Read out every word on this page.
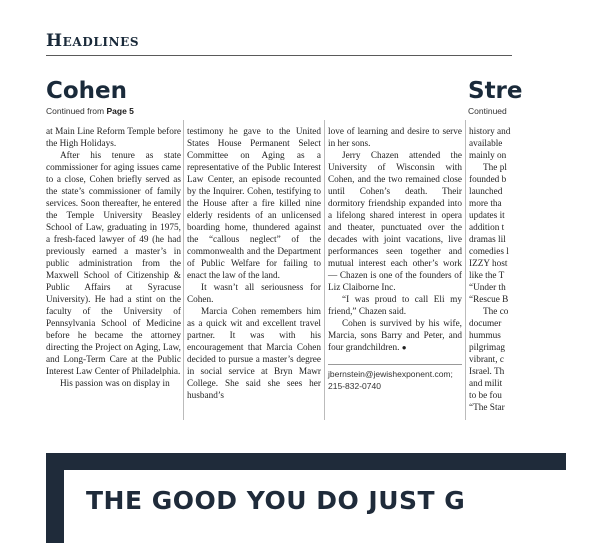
Headlines
Cohen
Continued from Page 5
Stre
Continued

at Main Line Reform Temple before the High Holidays.

After his tenure as state commissioner for aging issues came to a close, Cohen briefly served as the state’s commissioner of family services. Soon thereafter, he entered the Temple University Beasley School of Law, graduating in 1975, a fresh-faced lawyer of 49 (he had previously earned a master’s in public administration from the Maxwell School of Citizenship & Public Affairs at Syracuse University). He had a stint on the faculty of the University of Pennsylvania School of Medicine before he became the attorney directing the Project on Aging, Law, and Long-Term Care at the Public Interest Law Center of Philadelphia.

His passion was on display in

testimony he gave to the United States House Permanent Select Committee on Aging as a representative of the Public Interest Law Center, an episode recounted by the Inquirer. Cohen, testifying to the House after a fire killed nine elderly residents of an unlicensed boarding home, thundered against the “callous neglect” of the commonwealth and the Department of Public Welfare for failing to enact the law of the land.

It wasn’t all seriousness for Cohen.

Marcia Cohen remembers him as a quick wit and excellent travel partner. It was with his encouragement that Marcia Cohen decided to pursue a master’s degree in social service at Bryn Mawr College. She said she sees her husband’s

love of learning and desire to serve in her sons.

Jerry Chazen attended the University of Wisconsin with Cohen, and the two remained close until Cohen’s death. Their dormitory friendship expanded into a lifelong shared interest in opera and theater, punctuated over the decades with joint vacations, live performances seen together and mutual interest each other’s work — Chazen is one of the founders of Liz Claiborne Inc.

“I was proud to call Eli my friend,” Chazen said.

Cohen is survived by his wife, Marcia, sons Barry and Peter, and four grandchildren. ●

jbernstein@jewishexponent.com;
215-832-0740
history and
available
mainly on
The pl
founded b
launched
more tha
updates it
addition t
dramas lil
comedies l
IZZY host
like the T
“Under th
“Rescue B
The co
documer
hummus
pilgrimag
vibrant, c
Israel. Th
and milit
to be fou
“The Star
THE GOOD YOU DO JUST G
